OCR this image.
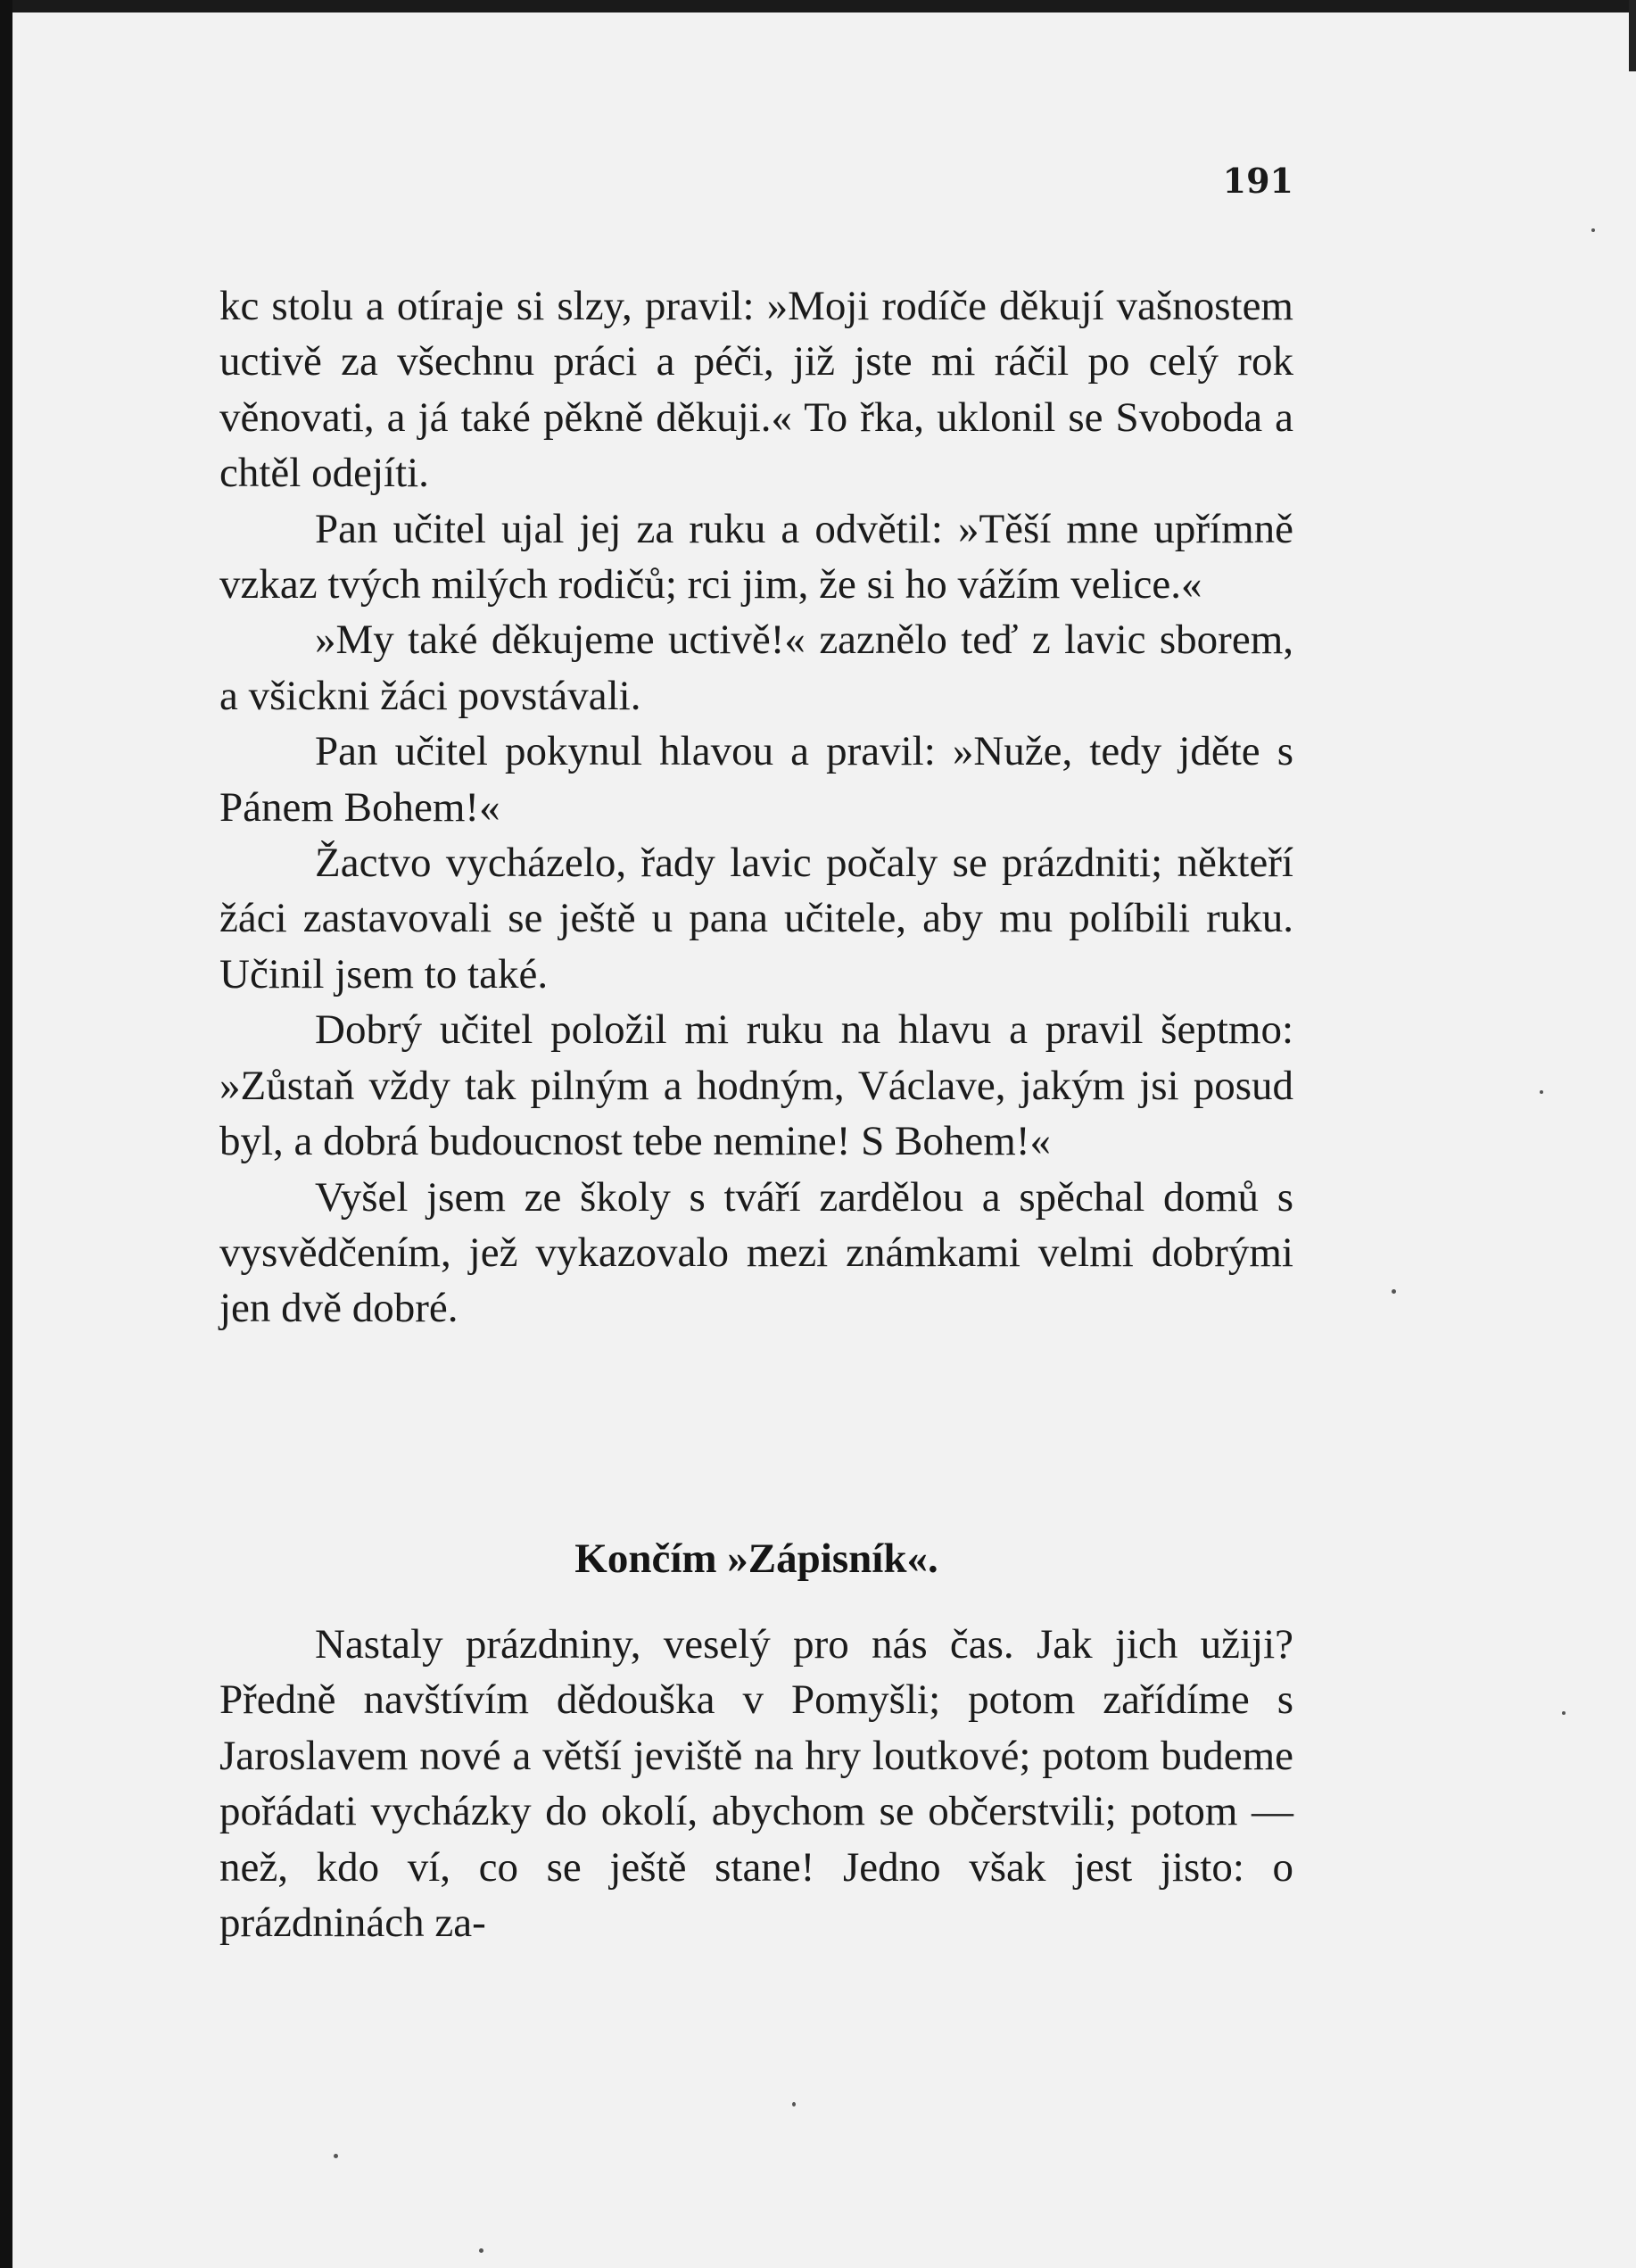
191

kc stolu a otíraje si slzy, pravil: »Moji rodíče děkují vašnostem uctivě za všechnu práci a péči, již jste mi ráčil po celý rok věnovati, a já také pěkně děkuji.« To řka, uklonil se Svoboda a chtěl odejíti.

Pan učitel ujal jej za ruku a odvětil: »Těší mne upřímně vzkaz tvých milých rodičů; rci jim, že si ho vážím velice.«

»My také děkujeme uctivě!« zaznělo teď z lavic sborem, a všickni žáci povstávali.

Pan učitel pokynul hlavou a pravil: »Nuže, tedy jděte s Pánem Bohem!«

Žactvo vycházelo, řady lavic počaly se prázdniti; někteří žáci zastavovali se ještě u pana učitele, aby mu políbili ruku. Učinil jsem to také.

Dobrý učitel položil mi ruku na hlavu a pravil šeptmo: »Zůstaň vždy tak pilným a hodným, Václave, jakým jsi posud byl, a dobrá budoucnost tebe nemine! S Bohem!«

Vyšel jsem ze školy s tváří zardělou a spěchal domů s vysvědčením, jež vykazovalo mezi známkami velmi dobrými jen dvě dobré.

Končím »Zápisník«.

Nastaly prázdniny, veselý pro nás čas. Jak jich užiji? Předně navštívím dědouška v Pomyšli; potom zařídíme s Jaroslavem nové a větší jeviště na hry loutkové; potom budeme pořádati vycházky do okolí, abychom se občerstvili; potom — než, kdo ví, co se ještě stane! Jedno však jest jisto: o prázdninách za-
